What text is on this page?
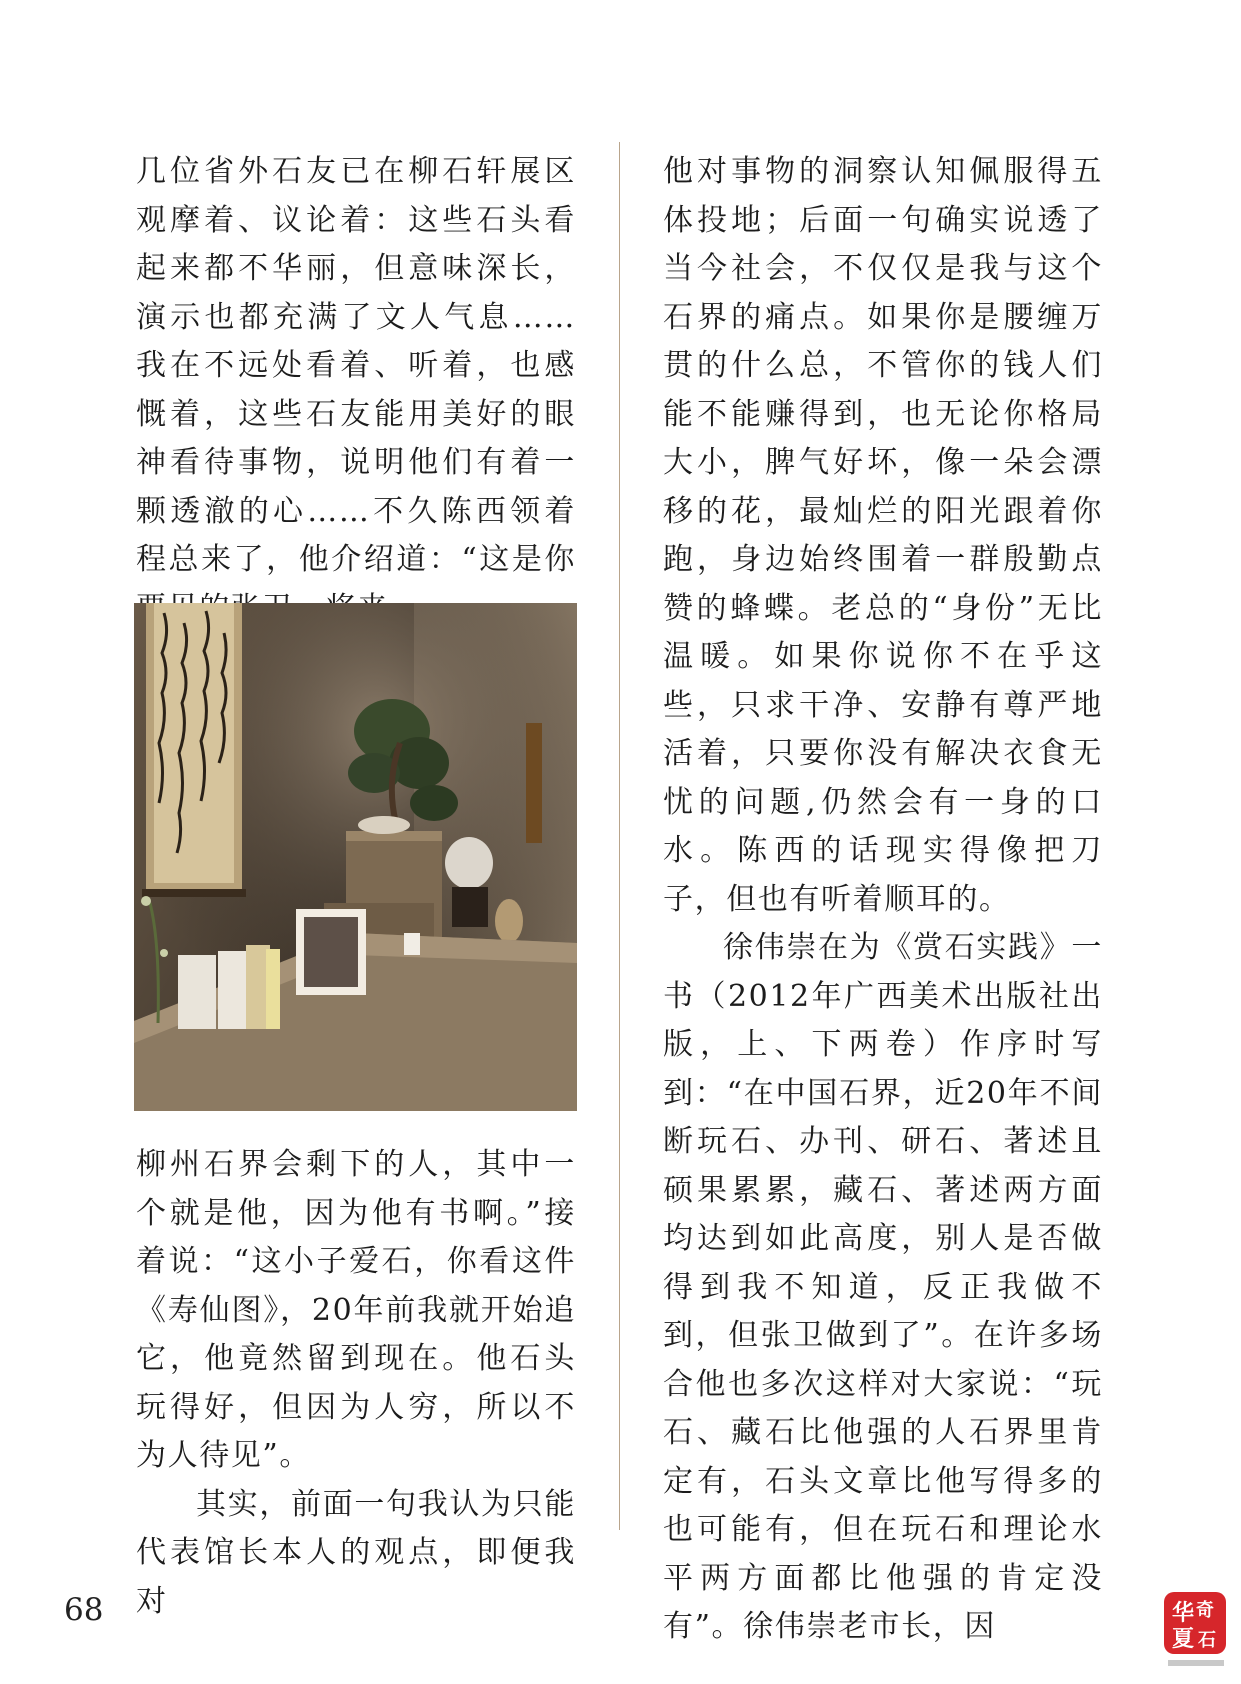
几位省外石友已在柳石轩展区观摩着、议论着：这些石头看起来都不华丽，但意味深长，演示也都充满了文人气息……我在不远处看着、听着，也感慨着，这些石友能用美好的眼神看待事物，说明他们有着一颗透澈的心……不久陈西领着程总来了，他介绍道：“这是你

柳州石界会剩下的人，其中一个就是他，因为他有书啊。”接着说：“这小子爱石，你看这件《寿仙图》，20年前我就开始追它，他竟然留到现在。他石头玩得好，但因为人穷，所以不为人待见”。

其实，前面一句我认为只能代表馆长本人的观点，即便我对

他对事物的洞察认知佩服得五体投地；后面一句确实说透了当今社会，不仅仅是我与这个石界的痛点。如果你是腰缠万贯的什么总，不管你的钱人们能不能赚得到，也无论你格局大小，脾气好坏，像一朵会漂移的花，最灿烂的阳光跟着你跑，身边始终围着一群殷勤点赞的蜂蝶。老总的“身份”无比温暖。如果你说你不在乎这些，只求干净、安静有尊严地活着，只要你没有解决衣食无忧的问题,仍然会有一身的口水。陈西的话现实得像把刀子，但也有听着顺耳的。

徐伟崇在为《赏石实践》一书（2012年广西美术出版社出版，上、下两卷）作序时写到：“在中国石界，近20年不间断玩石、办刊、研石、著述且硕果累累，藏石、著述两方面均达到如此高度，别人是否做得到我不知道，反正我做不到，但张卫做到了”。在许多场合他也多次这样对大家说：“玩石、藏石比他强的人石界里肯定有，石头文章比他写得多的也可能有，但在玩石和理论水平两方面都比他强的肯定没有”。徐伟崇老市长，因

68	华 奇
夏 石
